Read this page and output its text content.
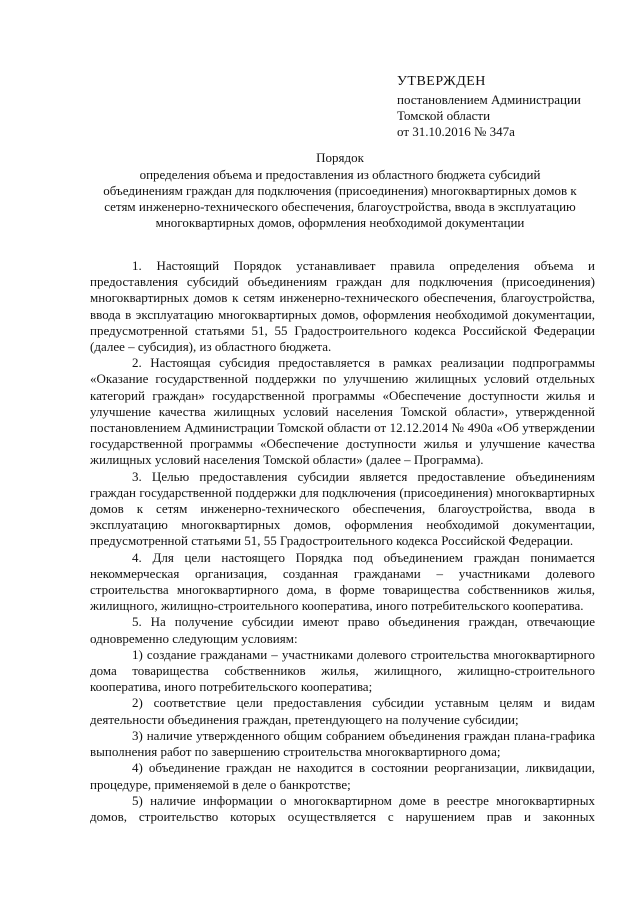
УТВЕРЖДЕН
постановлением Администрации
Томской области
от 31.10.2016 № 347а
Порядок
определения объема и предоставления из областного бюджета субсидий объединениям граждан для подключения (присоединения) многоквартирных домов к сетям инженерно-технического обеспечения, благоустройства, ввода в эксплуатацию многоквартирных домов, оформления необходимой документации

1. Настоящий Порядок устанавливает правила определения объема и предоставления субсидий объединениям граждан для подключения (присоединения) многоквартирных домов к сетям инженерно-технического обеспечения, благоустройства, ввода в эксплуатацию многоквартирных домов, оформления необходимой документации, предусмотренной статьями 51, 55 Градостроительного кодекса Российской Федерации (далее – субсидия), из областного бюджета.

2. Настоящая субсидия предоставляется в рамках реализации подпрограммы «Оказание государственной поддержки по улучшению жилищных условий отдельных категорий граждан» государственной программы «Обеспечение доступности жилья и улучшение качества жилищных условий населения Томской области», утвержденной постановлением Администрации Томской области от 12.12.2014 № 490а «Об утверждении государственной программы «Обеспечение доступности жилья и улучшение качества жилищных условий населения Томской области» (далее – Программа).

3. Целью предоставления субсидии является предоставление объединениям граждан государственной поддержки для подключения (присоединения) многоквартирных домов к сетям инженерно-технического обеспечения, благоустройства, ввода в эксплуатацию многоквартирных домов, оформления необходимой документации, предусмотренной статьями 51, 55 Градостроительного кодекса Российской Федерации.

4. Для цели настоящего Порядка под объединением граждан понимается некоммерческая организация, созданная гражданами – участниками долевого строительства многоквартирного дома, в форме товарищества собственников жилья, жилищного, жилищно-строительного кооператива, иного потребительского кооператива.

5. На получение субсидии имеют право объединения граждан, отвечающие одновременно следующим условиям:

1) создание гражданами – участниками долевого строительства многоквартирного дома товарищества собственников жилья, жилищного, жилищно-строительного кооператива, иного потребительского кооператива;

2) соответствие цели предоставления субсидии уставным целям и видам деятельности объединения граждан, претендующего на получение субсидии;

3) наличие утвержденного общим собранием объединения граждан плана-графика выполнения работ по завершению строительства многоквартирного дома;

4) объединение граждан не находится в состоянии реорганизации, ликвидации, процедуре, применяемой в деле о банкротстве;

5) наличие информации о многоквартирном доме в реестре многоквартирных домов, строительство которых осуществляется с нарушением прав и законных
